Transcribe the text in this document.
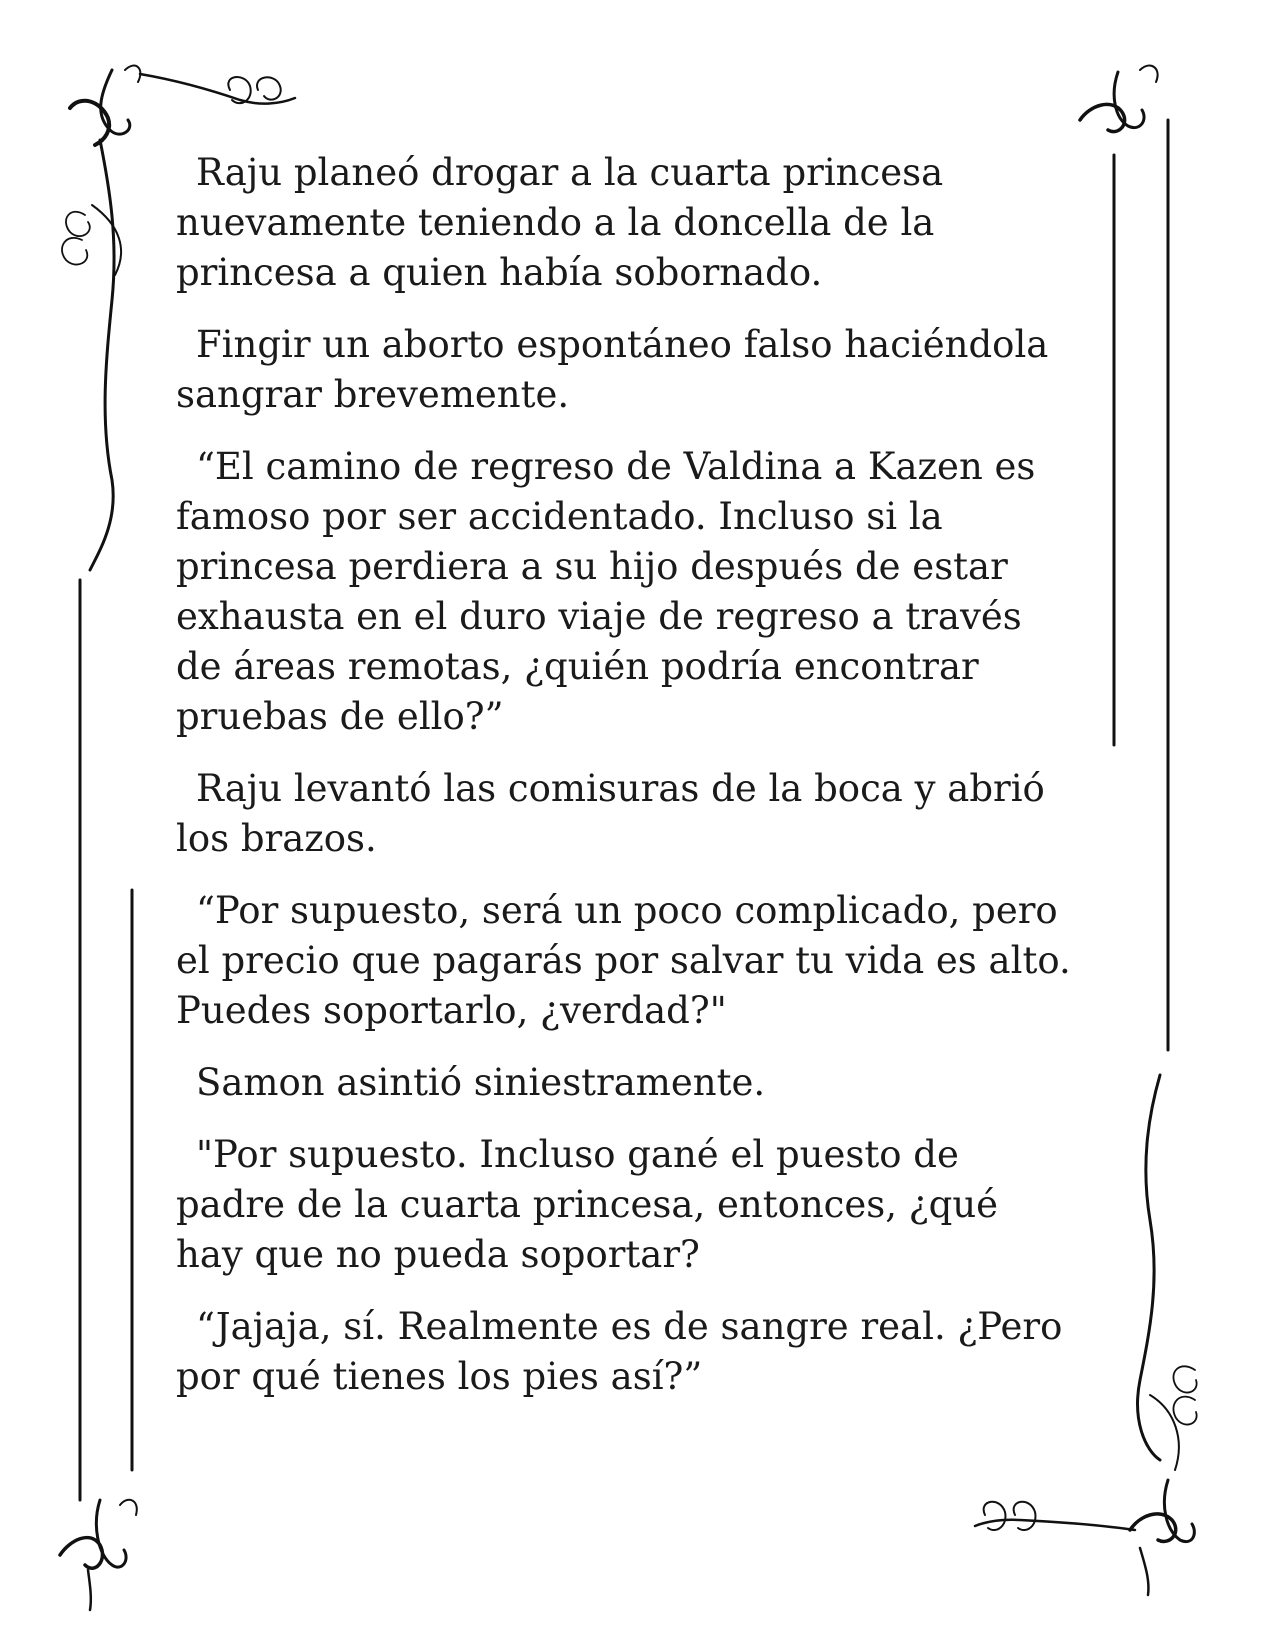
Raju planeó drogar a la cuarta princesa nuevamente teniendo a la doncella de la princesa a quien había sobornado.

Fingir un aborto espontáneo falso haciéndola sangrar brevemente.

“El camino de regreso de Valdina a Kazen es famoso por ser accidentado. Incluso si la princesa perdiera a su hijo después de estar exhausta en el duro viaje de regreso a través de áreas remotas, ¿quién podría encontrar pruebas de ello?”

Raju levantó las comisuras de la boca y abrió los brazos.

“Por supuesto, será un poco complicado, pero el precio que pagarás por salvar tu vida es alto. Puedes soportarlo, ¿verdad?"

Samon asintió siniestramente.

"Por supuesto. Incluso gané el puesto de padre de la cuarta princesa, entonces, ¿qué hay que no pueda soportar?

“Jajaja, sí. Realmente es de sangre real. ¿Pero por qué tienes los pies así?”
